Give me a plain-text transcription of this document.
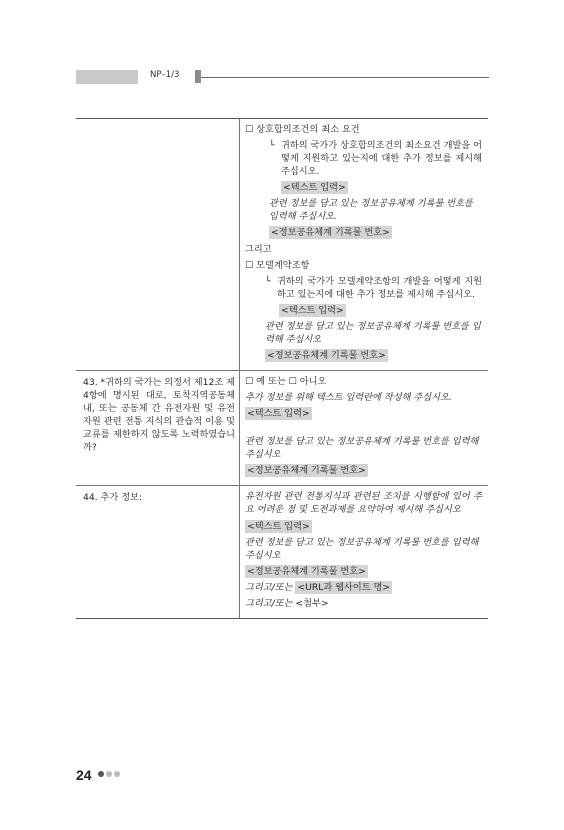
NP–1/3

☐ 상호합의조건의 최소 요건

└ 귀하의 국가가 상호합의조건의 최소요건 개발을 어떻게 지원하고 있는지에 대한 추가 정보를 제시해 주십시오.

<텍스트 입력>

관련 정보를 담고 있는 정보공유체계 기록물 번호를 입력해 주십시오.

<정보공유체계 기록물 번호>

그리고

☐ 모델계약조항

└ 귀하의 국가가 모델계약조항의 개발을 어떻게 지원하고 있는지에 대한 추가 정보를 제시해 주십시오.

<텍스트 입력>

관련 정보를 담고 있는 정보공유체계 기록물 번호를 입력해 주십시오

<정보공유체계 기록물 번호>

43. *귀하의 국가는 의정서 제12조 제4항에 명시된 대로, 토착지역공동체 내, 또는 공동체 간 유전자원 및 유전자원 관련 전통 지식의 관습적 이용 및 교류를 제한하지 않도록 노력하였습니까?

☐ 예 또는 ☐ 아니오

추가 정보를 위해 텍스트 입력란에 작성해 주십시오.

<텍스트 입력>

관련 정보를 담고 있는 정보공유체계 기록물 번호를 입력해 주십시오

<정보공유체계 기록물 번호>

44. 추가 정보:	유전자원 관련 전통지식과 관련된 조치를 시행함에 있어 주요 어려운 점 및 도전과제를 요약하여 제시해 주십시오

<텍스트 입력>

관련 정보를 담고 있는 정보공유체계 기록물 번호를 입력해 주십시오

<정보공유체계 기록물 번호>

그리고/또는 <URL과 웹사이트 명>

그리고/또는 <첨부>

24
